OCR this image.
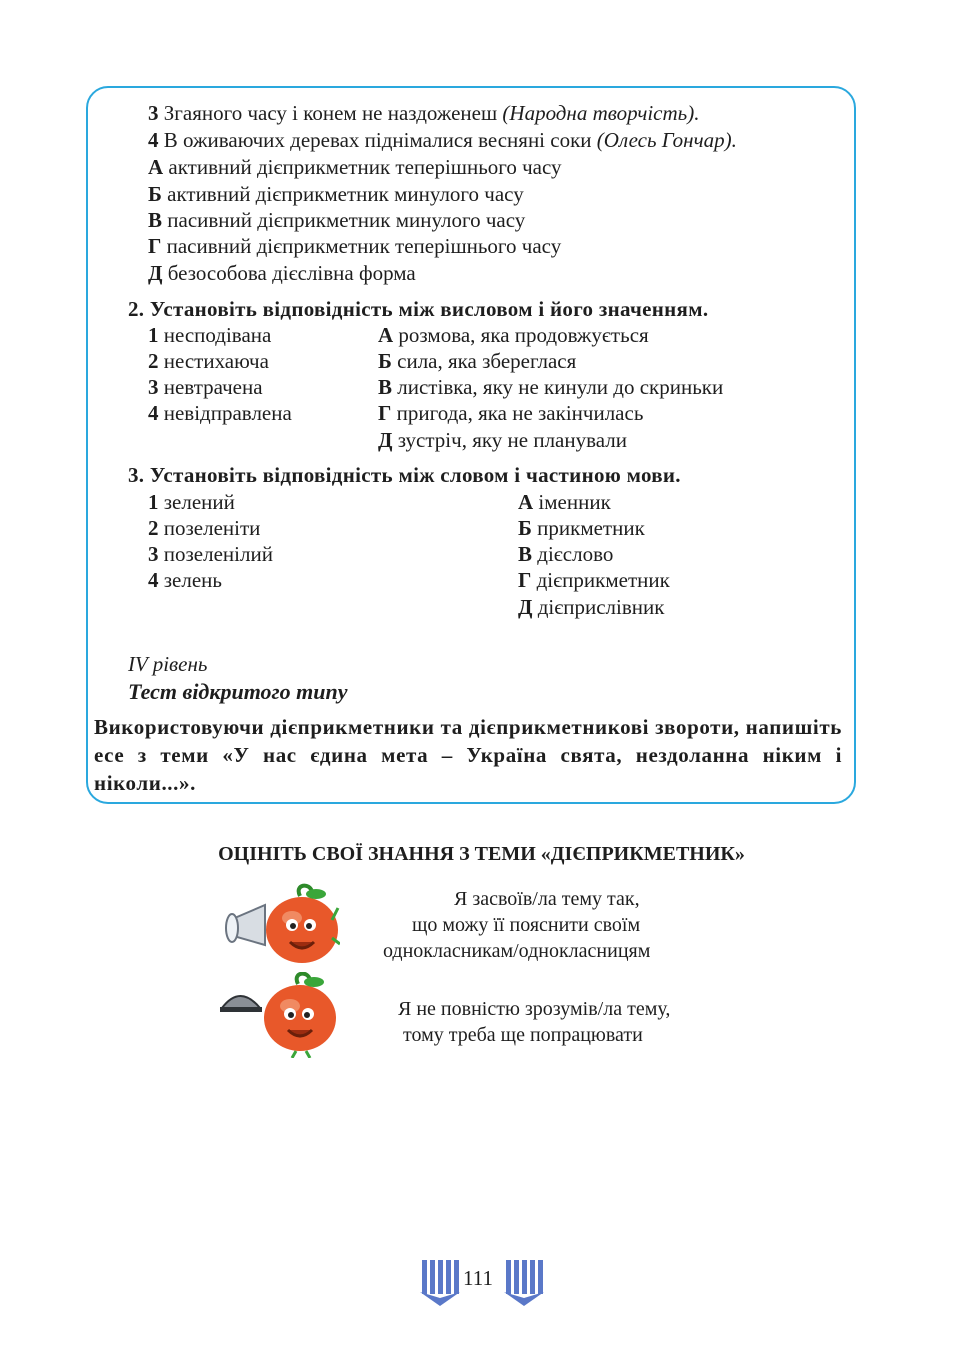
3 Згаяного часу і конем не наздоженеш (Народна творчість).
4 В оживаючих деревах піднімалися весняні соки (Олесь Гончар).
А активний дієприкметник теперішнього часу
Б активний дієприкметник минулого часу
В пасивний дієприкметник минулого часу
Г пасивний дієприкметник теперішнього часу
Д безособова дієслівна форма
2. Установіть відповідність між висловом і його значенням.
1 несподівана
2 нестихаюча
3 невтрачена
4 невідправлена
А розмова, яка продовжується
Б сила, яка збереглася
В листівка, яку не кинули до скриньки
Г пригода, яка не закінчилась
Д зустріч, яку не планували
3. Установіть відповідність між словом і частиною мови.
1 зелений
2 позеленіти
3 позеленілий
4 зелень
А іменник
Б прикметник
В дієслово
Г дієприкметник
Д дієприслівник
IV рівень
Тест відкритого типу
Використовуючи дієприкметники та дієприкметникові звороти, напишіть есе з теми «У нас єдина мета – Україна свята, нездоланна ніким і ніколи...».
ОЦІНІТЬ СВОЇ ЗНАННЯ З ТЕМИ «ДІЄПРИКМЕТНИК»
Я засвоїв/ла тему так,
що можу її пояснити своїм
однокласникам/однокласницям
Я не повністю зрозумів/ла тему,
тому треба ще попрацювати
111
